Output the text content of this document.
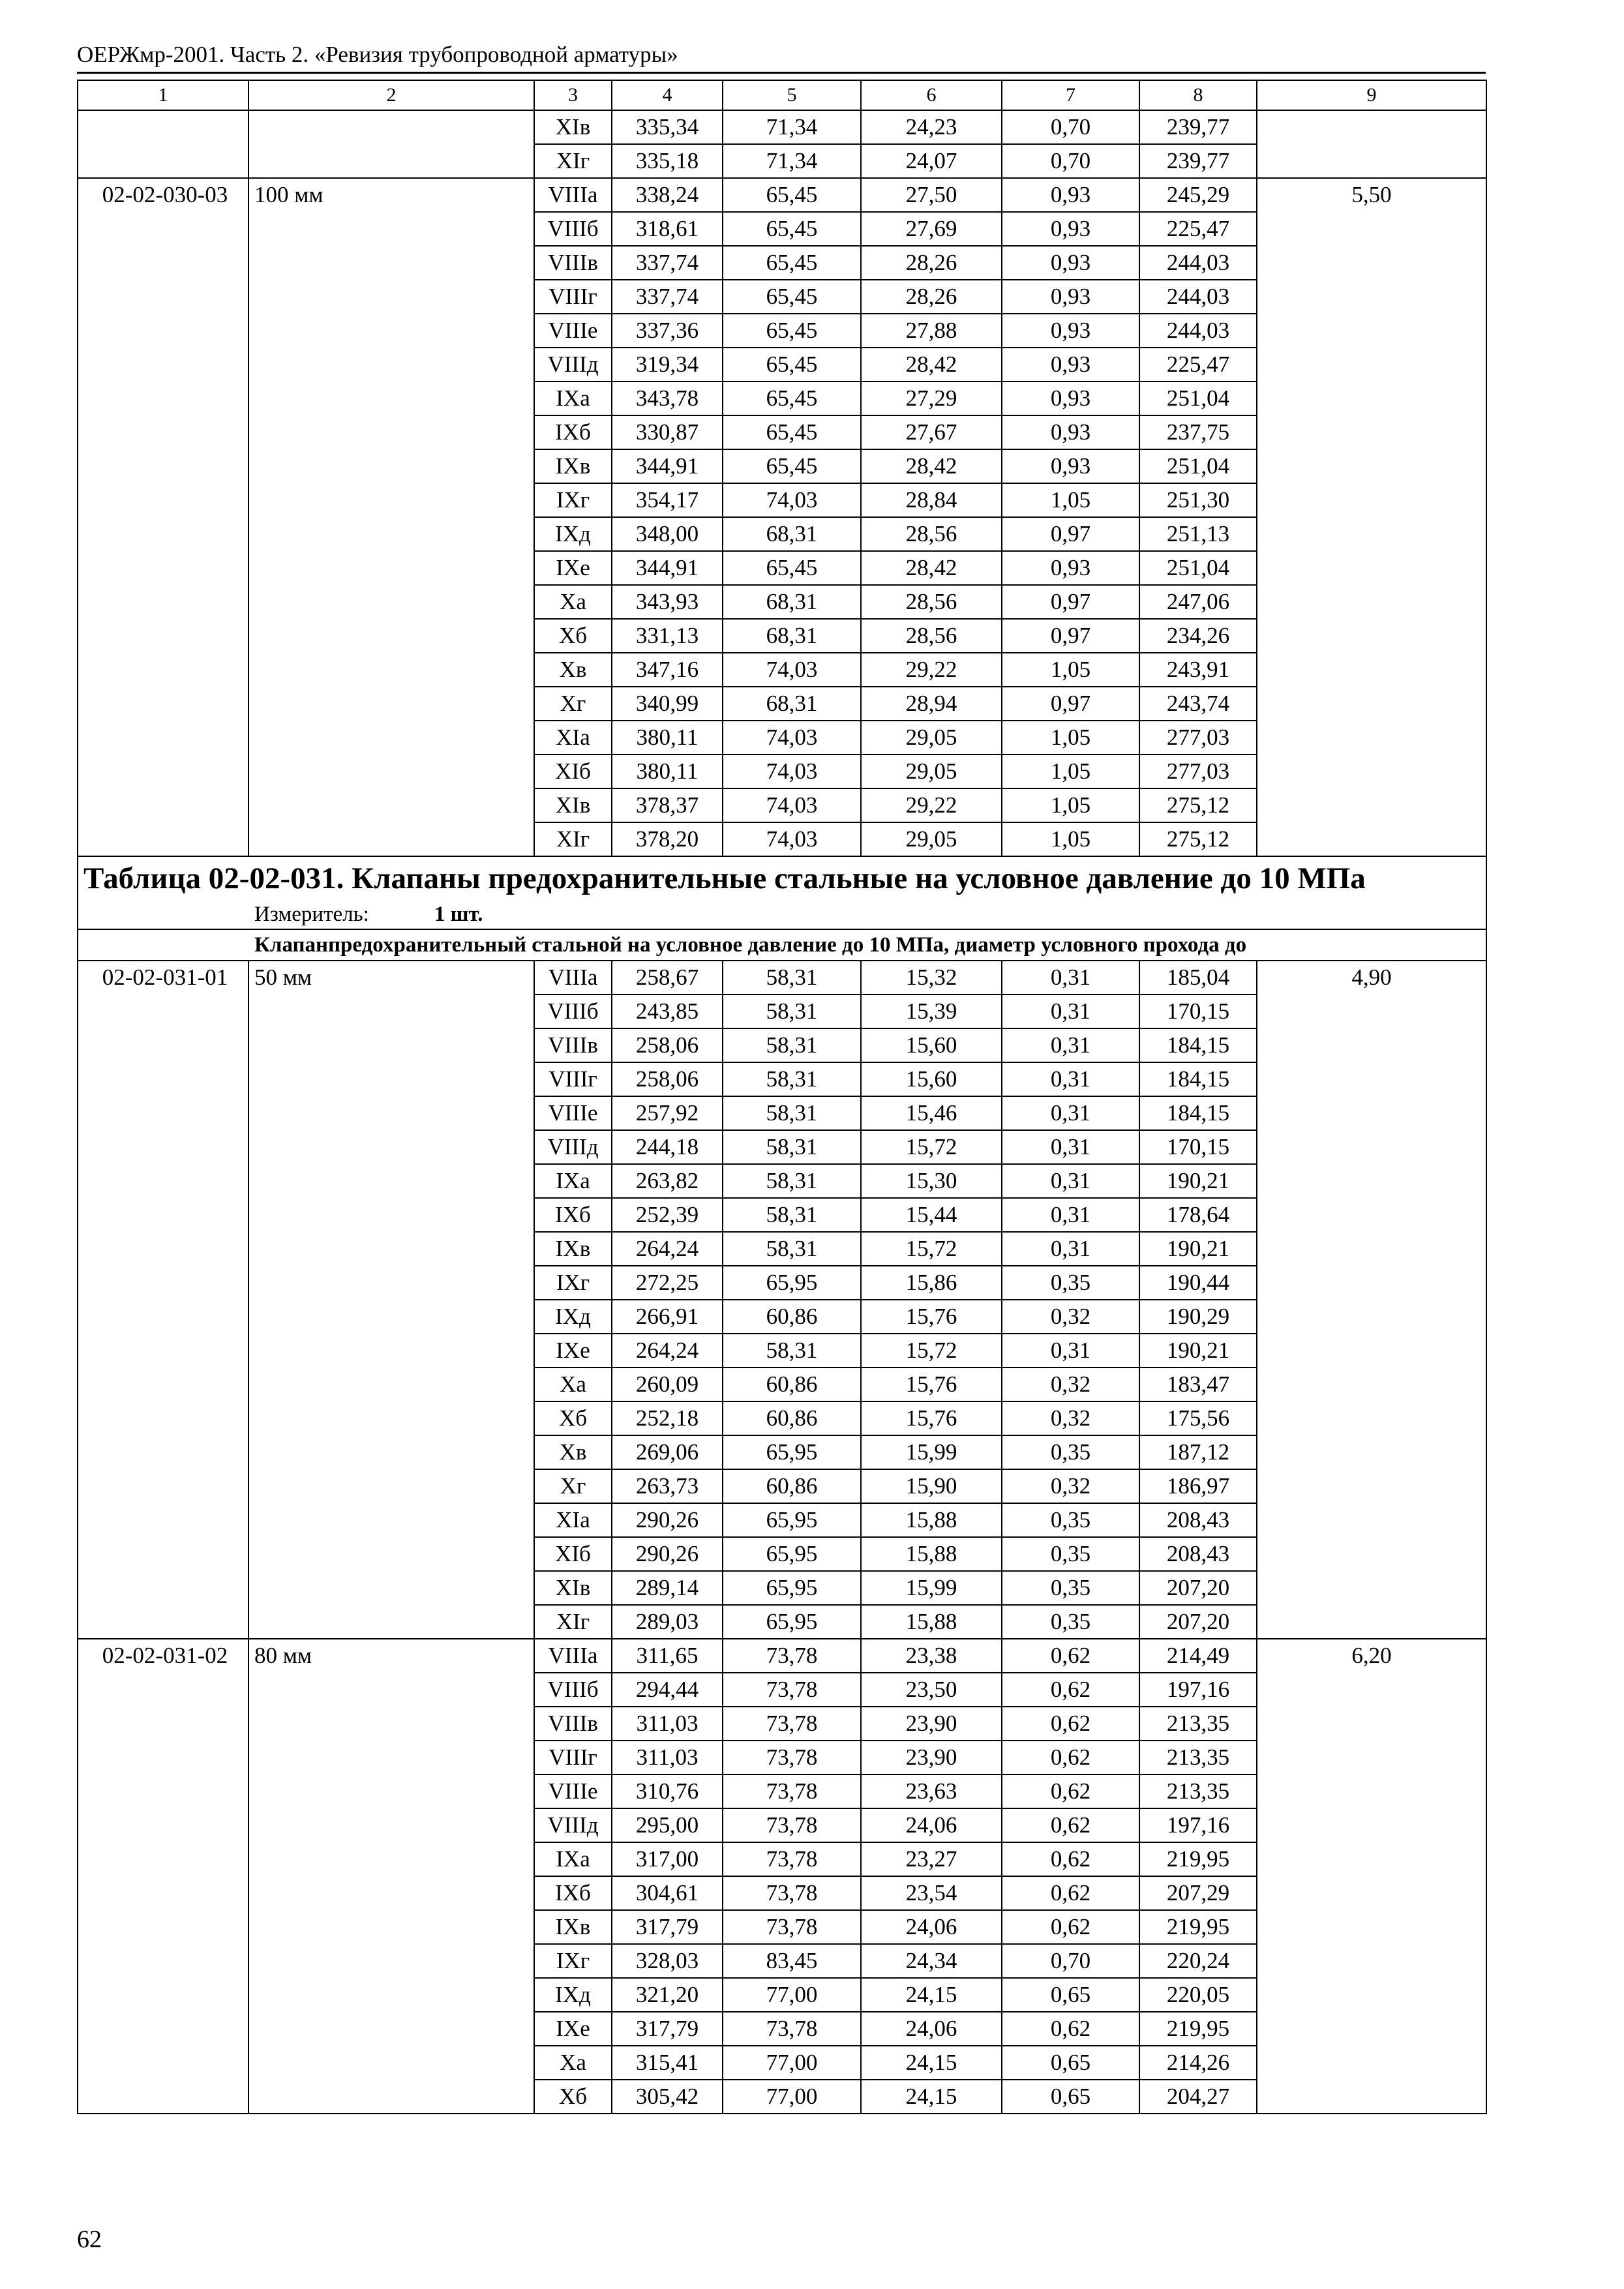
ОЕРЖмр-2001. Часть 2. «Ревизия трубопроводной арматуры»
1	2	3	4	5	6	7	8	9
		XIв	335,34	71,34	24,23	0,70	239,77	
		XIг	335,18	71,34	24,07	0,70	239,77	
02-02-030-03	100 мм	VIIIа	338,24	65,45	27,50	0,93	245,29	5,50
		VIIIб	318,61	65,45	27,69	0,93	225,47	
		VIIIв	337,74	65,45	28,26	0,93	244,03	
		VIIIг	337,74	65,45	28,26	0,93	244,03	
		VIIIе	337,36	65,45	27,88	0,93	244,03	
		VIIIд	319,34	65,45	28,42	0,93	225,47	
		IXа	343,78	65,45	27,29	0,93	251,04	
		IXб	330,87	65,45	27,67	0,93	237,75	
		IXв	344,91	65,45	28,42	0,93	251,04	
		IXг	354,17	74,03	28,84	1,05	251,30	
		IXд	348,00	68,31	28,56	0,97	251,13	
		IXе	344,91	65,45	28,42	0,93	251,04	
		Xа	343,93	68,31	28,56	0,97	247,06	
		Xб	331,13	68,31	28,56	0,97	234,26	
		Xв	347,16	74,03	29,22	1,05	243,91	
		Xг	340,99	68,31	28,94	0,97	243,74	
		XIа	380,11	74,03	29,05	1,05	277,03	
		XIб	380,11	74,03	29,05	1,05	277,03	
		XIв	378,37	74,03	29,22	1,05	275,12	
		XIг	378,20	74,03	29,05	1,05	275,12	
Таблица 02-02-031. Клапаны предохранительные стальные на условное давление до 10 МПа								
Измеритель: 1 шт.								
Клапанпредохранительный стальной на условное давление до 10 МПа, диаметр условного прохода до								
02-02-031-01	50 мм	VIIIа	258,67	58,31	15,32	0,31	185,04	4,90
		VIIIб	243,85	58,31	15,39	0,31	170,15	
		VIIIв	258,06	58,31	15,60	0,31	184,15	
		VIIIг	258,06	58,31	15,60	0,31	184,15	
		VIIIе	257,92	58,31	15,46	0,31	184,15	
		VIIIд	244,18	58,31	15,72	0,31	170,15	
		IXа	263,82	58,31	15,30	0,31	190,21	
		IXб	252,39	58,31	15,44	0,31	178,64	
		IXв	264,24	58,31	15,72	0,31	190,21	
		IXг	272,25	65,95	15,86	0,35	190,44	
		IXд	266,91	60,86	15,76	0,32	190,29	
		IXе	264,24	58,31	15,72	0,31	190,21	
		Xа	260,09	60,86	15,76	0,32	183,47	
		Xб	252,18	60,86	15,76	0,32	175,56	
		Xв	269,06	65,95	15,99	0,35	187,12	
		Xг	263,73	60,86	15,90	0,32	186,97	
		XIа	290,26	65,95	15,88	0,35	208,43	
		XIб	290,26	65,95	15,88	0,35	208,43	
		XIв	289,14	65,95	15,99	0,35	207,20	
		XIг	289,03	65,95	15,88	0,35	207,20	
02-02-031-02	80 мм	VIIIа	311,65	73,78	23,38	0,62	214,49	6,20
		VIIIб	294,44	73,78	23,50	0,62	197,16	
		VIIIв	311,03	73,78	23,90	0,62	213,35	
		VIIIг	311,03	73,78	23,90	0,62	213,35	
		VIIIе	310,76	73,78	23,63	0,62	213,35	
		VIIIд	295,00	73,78	24,06	0,62	197,16	
		IXа	317,00	73,78	23,27	0,62	219,95	
		IXб	304,61	73,78	23,54	0,62	207,29	
		IXв	317,79	73,78	24,06	0,62	219,95	
		IXг	328,03	83,45	24,34	0,70	220,24	
		IXд	321,20	77,00	24,15	0,65	220,05	
		IXе	317,79	73,78	24,06	0,62	219,95	
		Xа	315,41	77,00	24,15	0,65	214,26	
		Xб	305,42	77,00	24,15	0,65	204,27	
62
